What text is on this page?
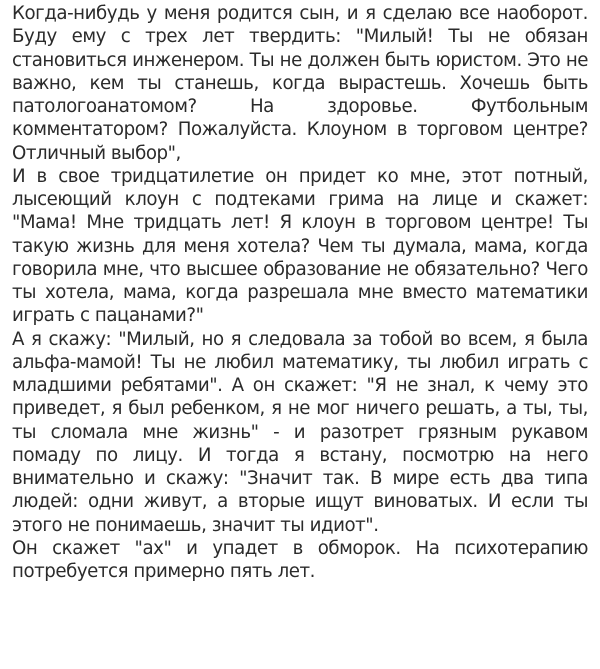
Когда-нибудь у меня родится сын, и я сделаю все наоборот. Буду ему с трех лет твердить: "Милый! Ты не обязан становиться инженером. Ты не должен быть юристом. Это не важно, кем ты станешь, когда вырастешь. Хочешь быть патологоанатомом? На здоровье. Футбольным комментатором? Пожалуйста. Клоуном в торговом центре? Отличный выбор",

И в свое тридцатилетие он придет ко мне, этот потный, лысеющий клоун с подтеками грима на лице и скажет: "Мама! Мне тридцать лет! Я клоун в торговом центре! Ты такую жизнь для меня хотела? Чем ты думала, мама, когда говорила мне, что высшее образование не обязательно? Чего ты хотела, мама, когда разрешала мне вместо математики играть с пацанами?"

А я скажу: "Милый, но я следовала за тобой во всем, я была альфа-мамой! Ты не любил математику, ты любил играть с младшими ребятами". А он скажет: "Я не знал, к чему это приведет, я был ребенком, я не мог ничего решать, а ты, ты, ты сломала мне жизнь" - и разотрет грязным рукавом помаду по лицу. И тогда я встану, посмотрю на него внимательно и скажу: "Значит так. В мире есть два типа людей: одни живут, а вторые ищут виноватых. И если ты этого не понимаешь, значит ты идиот".

Он скажет "ах" и упадет в обморок. На психотерапию потребуется примерно пять лет.
